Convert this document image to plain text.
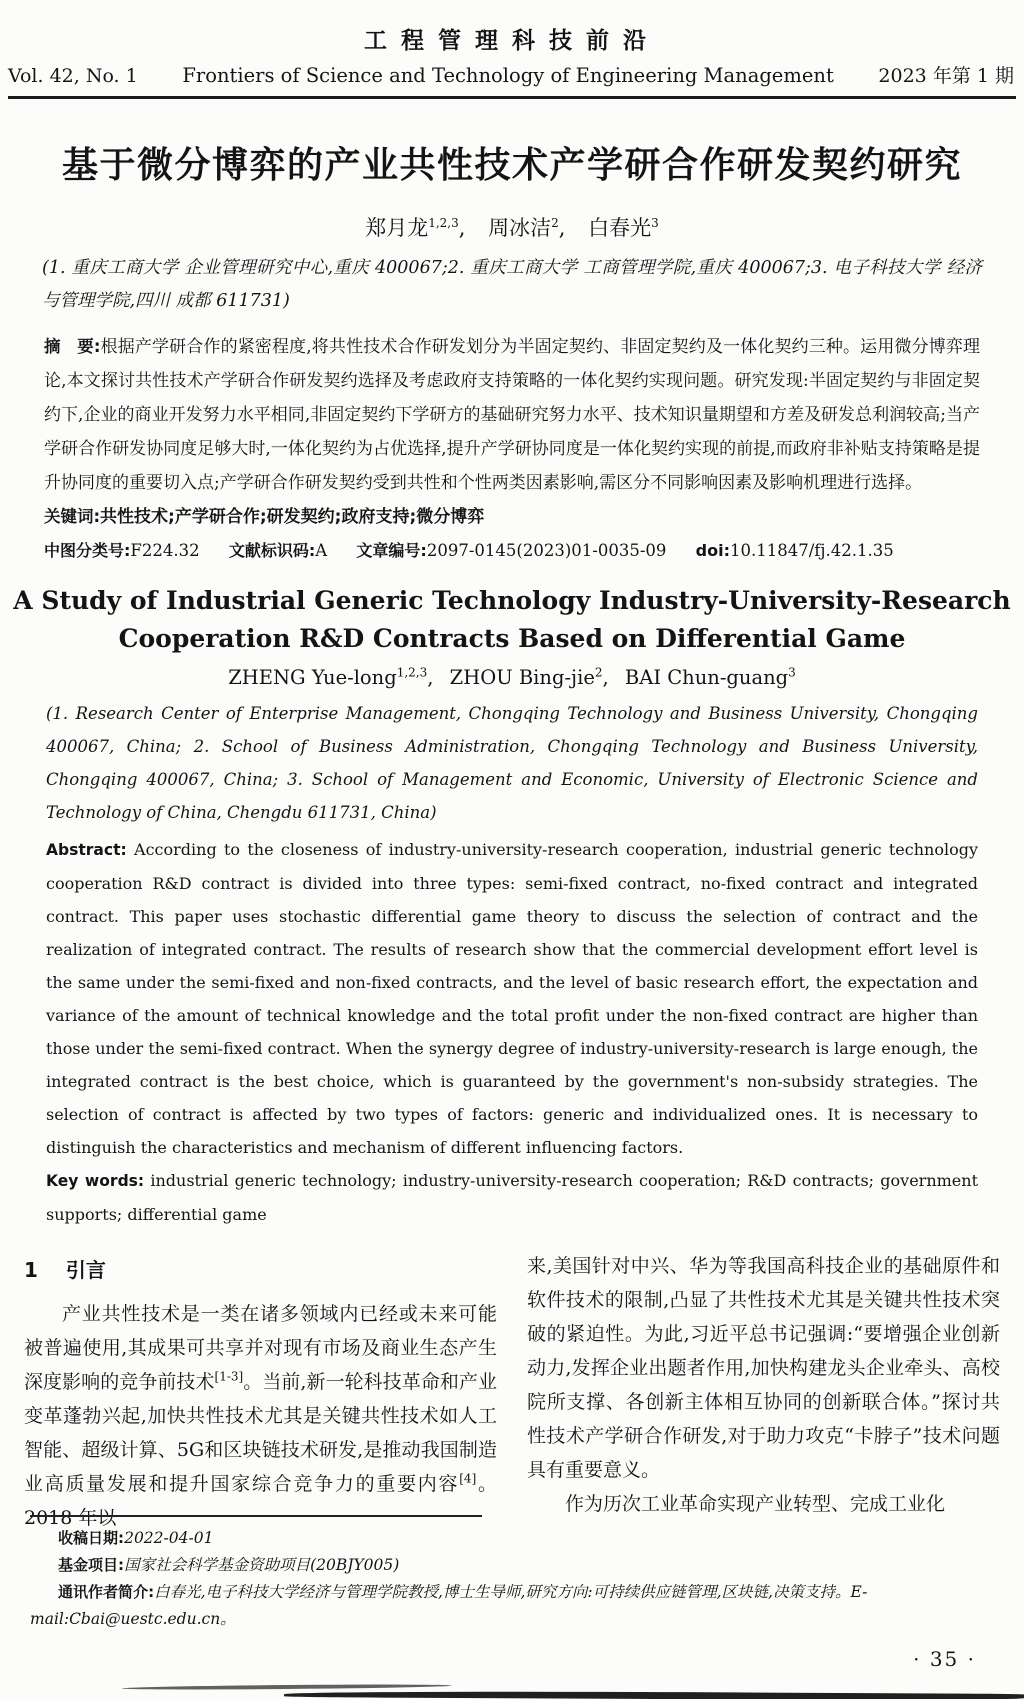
工程管理科技前沿
Vol. 42, No. 1 Frontiers of Science and Technology of Engineering Management 2023 年第 1 期
基于微分博弈的产业共性技术产学研合作研发契约研究
郑月龙$^{1,2,3}$, 周冰洁$^2$, 白春光$^3$
(1. 重庆工商大学 企业管理研究中心,重庆 400067;2. 重庆工商大学 工商管理学院,重庆 400067;3. 电子科技大学 经济与管理学院,四川 成都 611731)
摘　要:根据产学研合作的紧密程度,将共性技术合作研发划分为半固定契约、非固定契约及一体化契约三种。运用微分博弈理论,本文探讨共性技术产学研合作研发契约选择及考虑政府支持策略的一体化契约实现问题。研究发现:半固定契约与非固定契约下,企业的商业开发努力水平相同,非固定契约下学研方的基础研究努力水平、技术知识量期望和方差及研发总利润较高;当产学研合作研发协同度足够大时,一体化契约为占优选择,提升产学研协同度是一体化契约实现的前提,而政府非补贴支持策略是提升协同度的重要切入点;产学研合作研发契约受到共性和个性两类因素影响,需区分不同影响因素及影响机理进行选择。
关键词:共性技术;产学研合作;研发契约;政府支持;微分博弈
中图分类号:F224.32 文献标识码:A 文章编号:2097-0145(2023)01-0035-09 doi:10.11847/fj.42.1.35
A Study of Industrial Generic Technology Industry-University-Research
Cooperation R&D Contracts Based on Differential Game
ZHENG Yue-long$^{1,2,3}$, ZHOU Bing-jie$^2$, BAI Chun-guang$^3$
(1. Research Center of Enterprise Management, Chongqing Technology and Business University, Chongqing 400067, China; 2. School of Business Administration, Chongqing Technology and Business University, Chongqing 400067, China; 3. School of Management and Economic, University of Electronic Science and Technology of China, Chengdu 611731, China)
Abstract: According to the closeness of industry-university-research cooperation, industrial generic technology cooperation R&D contract is divided into three types: semi-fixed contract, no-fixed contract and integrated contract. This paper uses stochastic differential game theory to discuss the selection of contract and the realization of integrated contract. The results of research show that the commercial development effort level is the same under the semi-fixed and non-fixed contracts, and the level of basic research effort, the expectation and variance of the amount of technical knowledge and the total profit under the non-fixed contract are higher than those under the semi-fixed contract. When the synergy degree of industry-university-research is large enough, the integrated contract is the best choice, which is guaranteed by the government's non-subsidy strategies. The selection of contract is affected by two types of factors: generic and individualized ones. It is necessary to distinguish the characteristics and mechanism of different influencing factors.
Key words: industrial generic technology; industry-university-research cooperation; R&D contracts; government supports; differential game
1 引言

产业共性技术是一类在诸多领域内已经或未来可能被普遍使用,其成果可共享并对现有市场及商业生态产生深度影响的竞争前技术[1-3]。当前,新一轮科技革命和产业变革蓬勃兴起,加快共性技术尤其是关键共性技术如人工智能、超级计算、5G和区块链技术研发,是推动我国制造业高质量发展和提升国家综合竞争力的重要内容[4]。2018 年以

来,美国针对中兴、华为等我国高科技企业的基础原件和软件技术的限制,凸显了共性技术尤其是关键共性技术突破的紧迫性。为此,习近平总书记强调:“要增强企业创新动力,发挥企业出题者作用,加快构建龙头企业牵头、高校院所支撑、各创新主体相互协同的创新联合体。”探讨共性技术产学研合作研发,对于助力攻克“卡脖子”技术问题具有重要意义。

作为历次工业革命实现产业转型、完成工业化

收稿日期:2022-04-01

基金项目:国家社会科学基金资助项目(20BJY005)

通讯作者简介:白春光,电子科技大学经济与管理学院教授,博士生导师,研究方向:可持续供应链管理,区块链,决策支持。E-mail:Cbai@uestc.edu.cn。

· 35 ·
